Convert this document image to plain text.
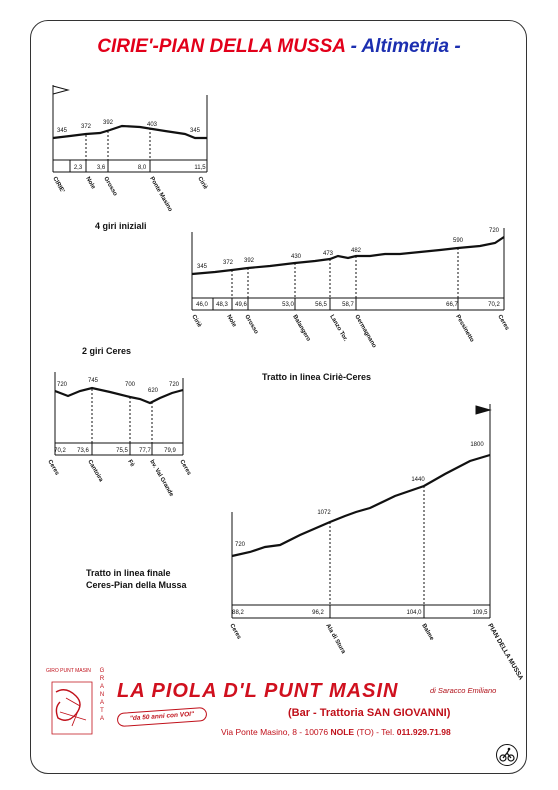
CIRIE'-PIAN DELLA MUSSA - Altimetria -
345
372
392	403
345
2,3 3,6	8,0	11,5
CIRIE'	Nole Grosso	Ponte Masino	Ciriè
345
372 392
430	473	482
590
720
46,0 48,3 49,6	53,0	56,5	58,7	66,7	70,2
Ciriè	Nole Grosso	Balangero	Lanzo Tor. Germagnano	Pessinetto	Ceres
720
745
700
620
720
70,2 73,6	75,5 77,7 79,9
Ceres	Cantoira	Fè bv. Val Grande Ceres
720
1072
1440
1800
88,2	96,2	104,0	109,5
Ceres	Ala di Stura	Balme	PIAN DELLA MUSSA
4 giri iniziali
2 giri Ceres
Tratto in linea Ciriè-Ceres
Tratto in linea finale
Ceres-Pian della Mussa
GIRO PUNT MASIN G
R
A
N
A
T
A
LA PIOLA D'L PUNT MASIN	di Saracco Emiliano
"da 50 anni con VOI"	(Bar - Trattoria SAN GIOVANNI)
Via Ponte Masino, 8 - 10076 NOLE (TO) - Tel. 011.929.71.98
